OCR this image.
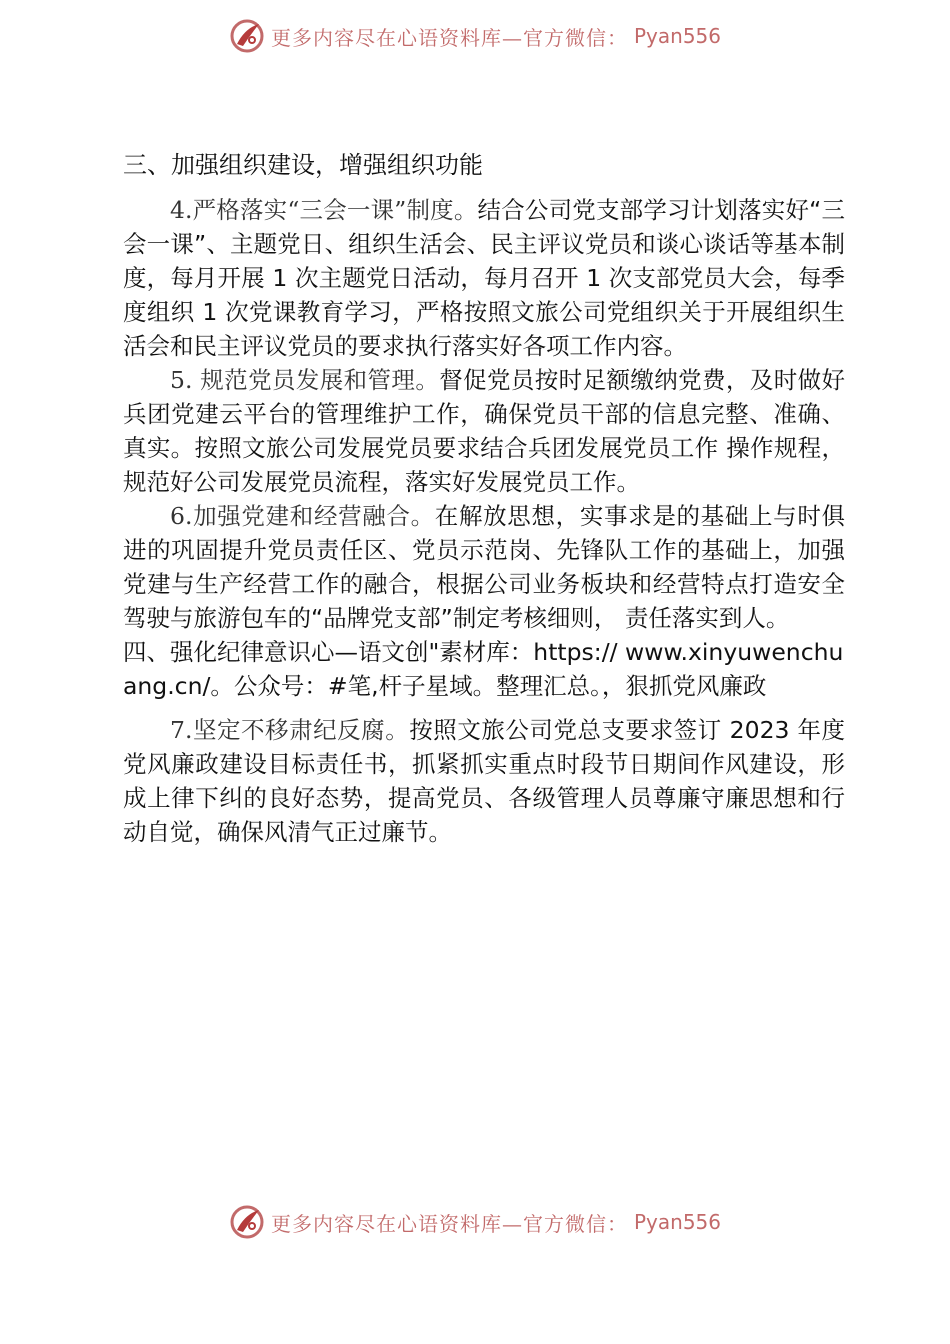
更多内容尽在心语资料库—官方微信： Pyan556

三、加强组织建设，增强组织功能

4.严格落实“三会一课”制度。结合公司党支部学习计划落实好“三会一课”、主题党日、组织生活会、民主评议党员和谈心谈话等基本制度，每月开展 1 次主题党日活动，每月召开 1 次支部党员大会，每季度组织 1 次党课教育学习，严格按照文旅公司党组织关于开展组织生活会和民主评议党员的要求执行落实好各项工作内容。

5. 规范党员发展和管理。督促党员按时足额缴纳党费，及时做好兵团党建云平台的管理维护工作，确保党员干部的信息完整、准确、真实。按照文旅公司发展党员要求结合兵团发展党员工作 操作规程，规范好公司发展党员流程，落实好发展党员工作。

6.加强党建和经营融合。在解放思想，实事求是的基础上与时俱进的巩固提升党员责任区、党员示范岗、先锋队工作的基础上，加强党建与生产经营工作的融合，根据公司业务板块和经营特点打造安全驾驶与旅游包车的“品牌党支部”制定考核细则， 责任落实到人。

四、强化纪律意识心—语文创"素材库：https:// www.xinyuwenchuang.cn/。公众号：#笔,杆子星域。整理汇总。，狠抓党风廉政

7.坚定不移肃纪反腐。按照文旅公司党总支要求签订 2023 年度党风廉政建设目标责任书，抓紧抓实重点时段节日期间作风建设，形成上律下纠的良好态势，提高党员、各级管理人员尊廉守廉思想和行动自觉，确保风清气正过廉节。

更多内容尽在心语资料库—官方微信： Pyan556
